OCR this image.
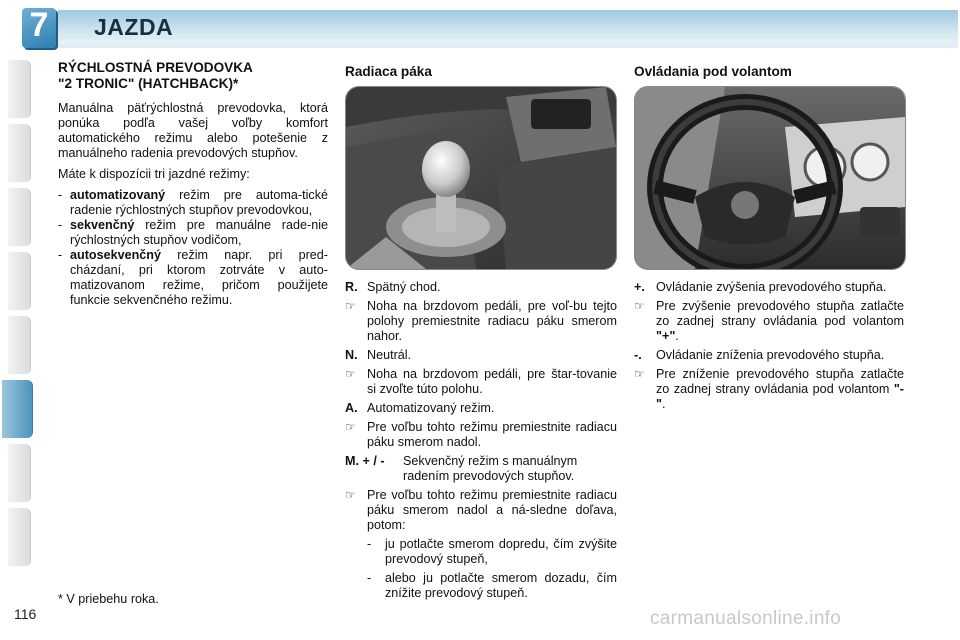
7	JAZDA
RÝCHLOSTNÁ PREVODOVKA
"2 TRONIC" (HATCHBACK)*

Manuálna päťrýchlostná prevodovka, ktorá ponúka podľa vašej voľby komfort automatického režimu alebo potešenie z manuálneho radenia prevodových stupňov.

Máte k dispozícii tri jazdné režimy:

- automatizovaný režim pre automa-tické radenie rýchlostných stupňov prevodovkou,
- sekvenčný režim pre manuálne rade-nie rýchlostných stupňov vodičom,
- autosekvenčný režim napr. pri pred-cházdaní, pri ktorom zotrváte v auto-matizovanom režime, pričom použijete funkcie sekvenčného režimu.
Radiaca páka
R. Spätný chod.
☞ Noha na brzdovom pedáli, pre voľ-bu tejto polohy premiestnite radiacu páku smerom nahor.
N. Neutrál.
☞ Noha na brzdovom pedáli, pre štar-tovanie si zvoľte túto polohu.
A. Automatizovaný režim.
☞ Pre voľbu tohto režimu premiestnite radiacu páku smerom nadol.
M. + / - Sekvenčný režim s manuálnym radením prevodových stupňov.
☞ Pre voľbu tohto režimu premiestnite radiacu páku smerom nadol a ná-sledne doľava, potom:
- ju potlačte smerom dopredu, čím zvýšite prevodový stupeň,
- alebo ju potlačte smerom dozadu, čím znížite prevodový stupeň.
Ovládania pod volantom
+. Ovládanie zvýšenia prevodového stupňa.
☞ Pre zvýšenie prevodového stupňa zatlačte zo zadnej strany ovládania pod volantom "+".
-. Ovládanie zníženia prevodového stupňa.
☞ Pre zníženie prevodového stupňa zatlačte zo zadnej strany ovládania pod volantom "-".
* V priebehu roka.
116	carmanualsonline.info
